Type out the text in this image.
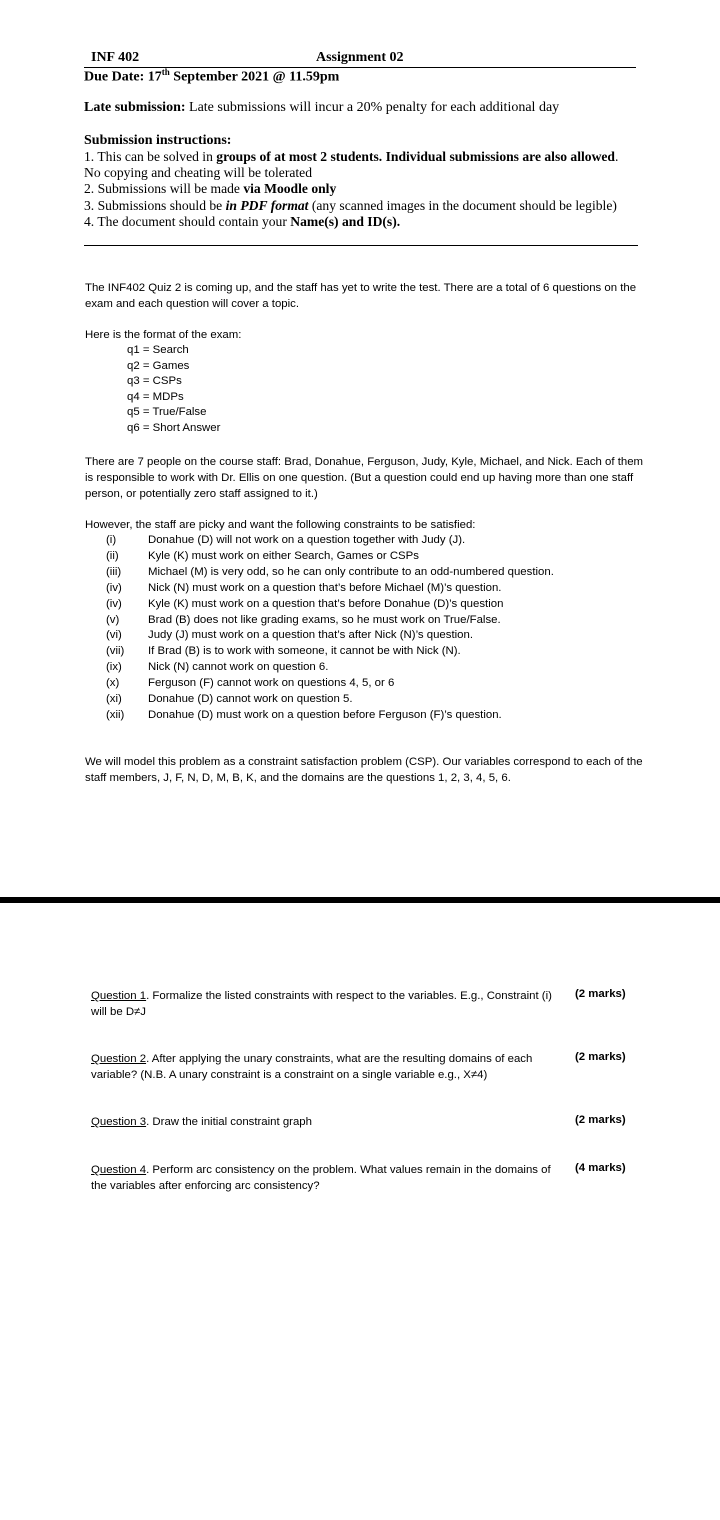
INF 402	Assignment 02
Due Date: 17th September 2021 @ 11.59pm
Late submission: Late submissions will incur a 20% penalty for each additional day
Submission instructions:
1. This can be solved in groups of at most 2 students. Individual submissions are also allowed.
No copying and cheating will be tolerated
2. Submissions will be made via Moodle only
3. Submissions should be in PDF format (any scanned images in the document should be legible)
4. The document should contain your Name(s) and ID(s).
The INF402 Quiz 2 is coming up, and the staff has yet to write the test. There are a total of 6 questions on the exam and each question will cover a topic.
Here is the format of the exam:
q1 = Search
q2 = Games
q3 = CSPs
q4 = MDPs
q5 = True/False
q6 = Short Answer
There are 7 people on the course staff: Brad, Donahue, Ferguson, Judy, Kyle, Michael, and Nick. Each of them is responsible to work with Dr. Ellis on one question. (But a question could end up having more than one staff person, or potentially zero staff assigned to it.)
However, the staff are picky and want the following constraints to be satisfied:
(i)	Donahue (D) will not work on a question together with Judy (J).
(ii)	Kyle (K) must work on either Search, Games or CSPs
(iii)	Michael (M) is very odd, so he can only contribute to an odd-numbered question.
(iv)	Nick (N) must work on a question that’s before Michael (M)’s question.
(iv)	Kyle (K) must work on a question that’s before Donahue (D)’s question
(v)	Brad (B) does not like grading exams, so he must work on True/False.
(vi)	Judy (J) must work on a question that’s after Nick (N)’s question.
(vii)	If Brad (B) is to work with someone, it cannot be with Nick (N).
(ix)	Nick (N) cannot work on question 6.
(x)	Ferguson (F) cannot work on questions 4, 5, or 6
(xi)	Donahue (D) cannot work on question 5.
(xii)	Donahue (D) must work on a question before Ferguson (F)’s question.
We will model this problem as a constraint satisfaction problem (CSP). Our variables correspond to each of the staff members, J, F, N, D, M, B, K, and the domains are the questions 1, 2, 3, 4, 5, 6.
Question 1. Formalize the listed constraints with respect to the variables. E.g., Constraint (i) will be D≠J
(2 marks)
Question 2. After applying the unary constraints, what are the resulting domains of each variable? (N.B. A unary constraint is a constraint on a single variable e.g., X≠4)
(2 marks)
Question 3. Draw the initial constraint graph	(2 marks)
Question 4. Perform arc consistency on the problem. What values remain in the domains of the variables after enforcing arc consistency?
(4 marks)
